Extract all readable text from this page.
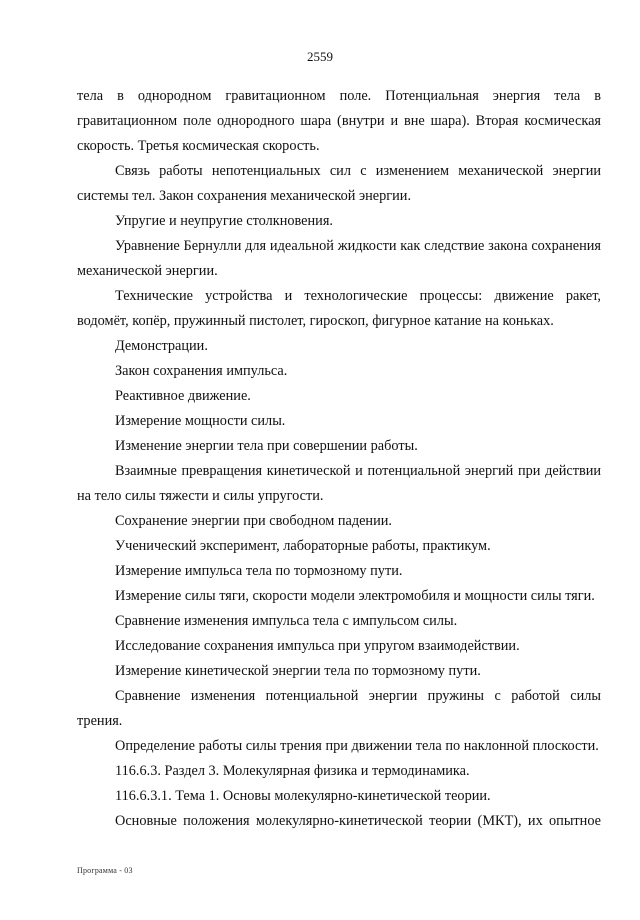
2559

тела в однородном гравитационном поле. Потенциальная энергия тела в гравитационном поле однородного шара (внутри и вне шара). Вторая космическая скорость. Третья космическая скорость.

Связь работы непотенциальных сил с изменением механической энергии системы тел. Закон сохранения механической энергии.

Упругие и неупругие столкновения.

Уравнение Бернулли для идеальной жидкости как следствие закона сохранения механической энергии.

Технические устройства и технологические процессы: движение ракет, водомёт, копёр, пружинный пистолет, гироскоп, фигурное катание на коньках.

Демонстрации.

Закон сохранения импульса.

Реактивное движение.

Измерение мощности силы.

Изменение энергии тела при совершении работы.

Взаимные превращения кинетической и потенциальной энергий при действии на тело силы тяжести и силы упругости.

Сохранение энергии при свободном падении.

Ученический эксперимент, лабораторные работы, практикум.

Измерение импульса тела по тормозному пути.

Измерение силы тяги, скорости модели электромобиля и мощности силы тяги.

Сравнение изменения импульса тела с импульсом силы.

Исследование сохранения импульса при упругом взаимодействии.

Измерение кинетической энергии тела по тормозному пути.

Сравнение изменения потенциальной энергии пружины с работой силы трения.

Определение работы силы трения при движении тела по наклонной плоскости.

116.6.3. Раздел 3. Молекулярная физика и термодинамика.

116.6.3.1. Тема 1. Основы молекулярно-кинетической теории.

Основные положения молекулярно-кинетической теории (МКТ), их опытное

Программа - 03
